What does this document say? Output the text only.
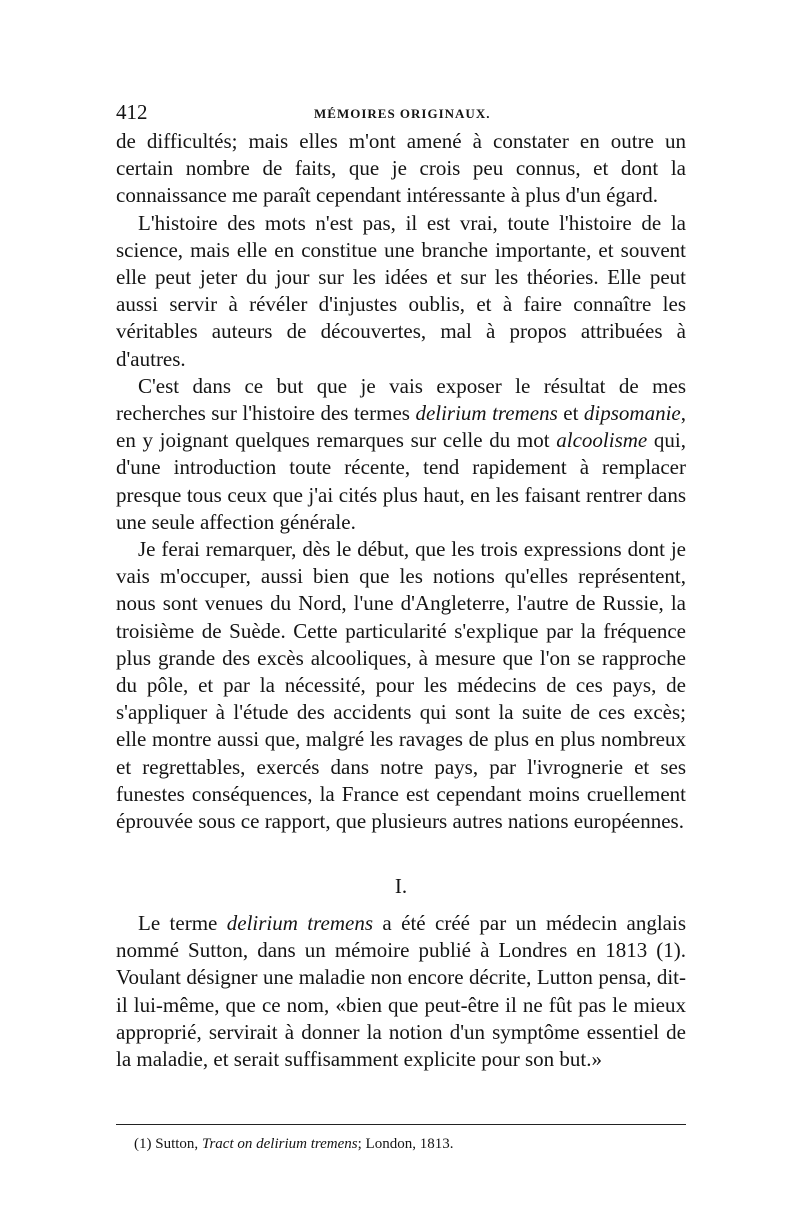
412	MÉMOIRES ORIGINAUX.

de difficultés; mais elles m'ont amené à constater en outre un certain nombre de faits, que je crois peu connus, et dont la connaissance me paraît cependant intéressante à plus d'un égard.

L'histoire des mots n'est pas, il est vrai, toute l'histoire de la science, mais elle en constitue une branche importante, et souvent elle peut jeter du jour sur les idées et sur les théories. Elle peut aussi servir à révéler d'injustes oublis, et à faire connaître les véritables auteurs de découvertes, mal à propos attribuées à d'autres.

C'est dans ce but que je vais exposer le résultat de mes recherches sur l'histoire des termes delirium tremens et dipsomanie, en y joignant quelques remarques sur celle du mot alcoolisme qui, d'une introduction toute récente, tend rapidement à remplacer presque tous ceux que j'ai cités plus haut, en les faisant rentrer dans une seule affection générale.

Je ferai remarquer, dès le début, que les trois expressions dont je vais m'occuper, aussi bien que les notions qu'elles représentent, nous sont venues du Nord, l'une d'Angleterre, l'autre de Russie, la troisième de Suède. Cette particularité s'explique par la fréquence plus grande des excès alcooliques, à mesure que l'on se rapproche du pôle, et par la nécessité, pour les médecins de ces pays, de s'appliquer à l'étude des accidents qui sont la suite de ces excès; elle montre aussi que, malgré les ravages de plus en plus nombreux et regrettables, exercés dans notre pays, par l'ivrognerie et ses funestes conséquences, la France est cependant moins cruellement éprouvée sous ce rapport, que plusieurs autres nations européennes.

I.

Le terme delirium tremens a été créé par un médecin anglais nommé Sutton, dans un mémoire publié à Londres en 1813 (1). Voulant désigner une maladie non encore décrite, Lutton pensa, dit-il lui-même, que ce nom, «bien que peut-être il ne fût pas le mieux approprié, servirait à donner la notion d'un symptôme essentiel de la maladie, et serait suffisamment explicite pour son but.»

(1) Sutton, Tract on delirium tremens; London, 1813.
